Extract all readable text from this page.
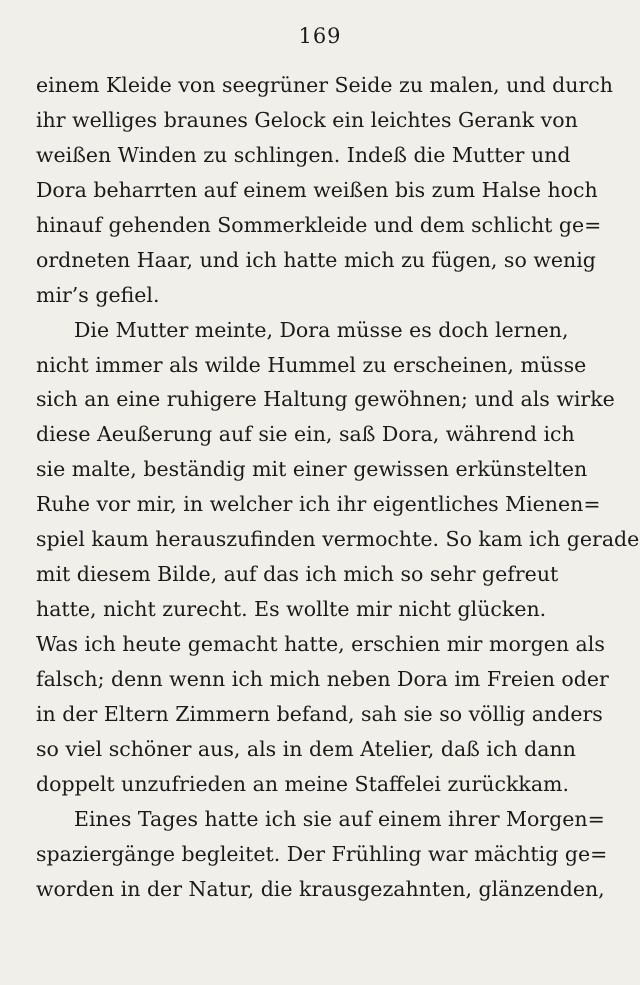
169
einem Kleide von seegrüner Seide zu malen, und durch
ihr welliges braunes Gelock ein leichtes Gerank von
weißen Winden zu schlingen. Indeß die Mutter und
Dora beharrten auf einem weißen bis zum Halse hoch
hinauf gehenden Sommerkleide und dem schlicht ge=
ordneten Haar, und ich hatte mich zu fügen, so wenig
mir’s gefiel.
Die Mutter meinte, Dora müsse es doch lernen,
nicht immer als wilde Hummel zu erscheinen, müsse
sich an eine ruhigere Haltung gewöhnen; und als wirke
diese Aeußerung auf sie ein, saß Dora, während ich
sie malte, beständig mit einer gewissen erkünstelten
Ruhe vor mir, in welcher ich ihr eigentliches Mienen=
spiel kaum herauszufinden vermochte. So kam ich gerade
mit diesem Bilde, auf das ich mich so sehr gefreut
hatte, nicht zurecht. Es wollte mir nicht glücken.
Was ich heute gemacht hatte, erschien mir morgen als
falsch; denn wenn ich mich neben Dora im Freien oder
in der Eltern Zimmern befand, sah sie so völlig anders
so viel schöner aus, als in dem Atelier, daß ich dann
doppelt unzufrieden an meine Staffelei zurückkam.
Eines Tages hatte ich sie auf einem ihrer Morgen=
spaziergänge begleitet. Der Frühling war mächtig ge=
worden in der Natur, die krausgezahnten, glänzenden,
